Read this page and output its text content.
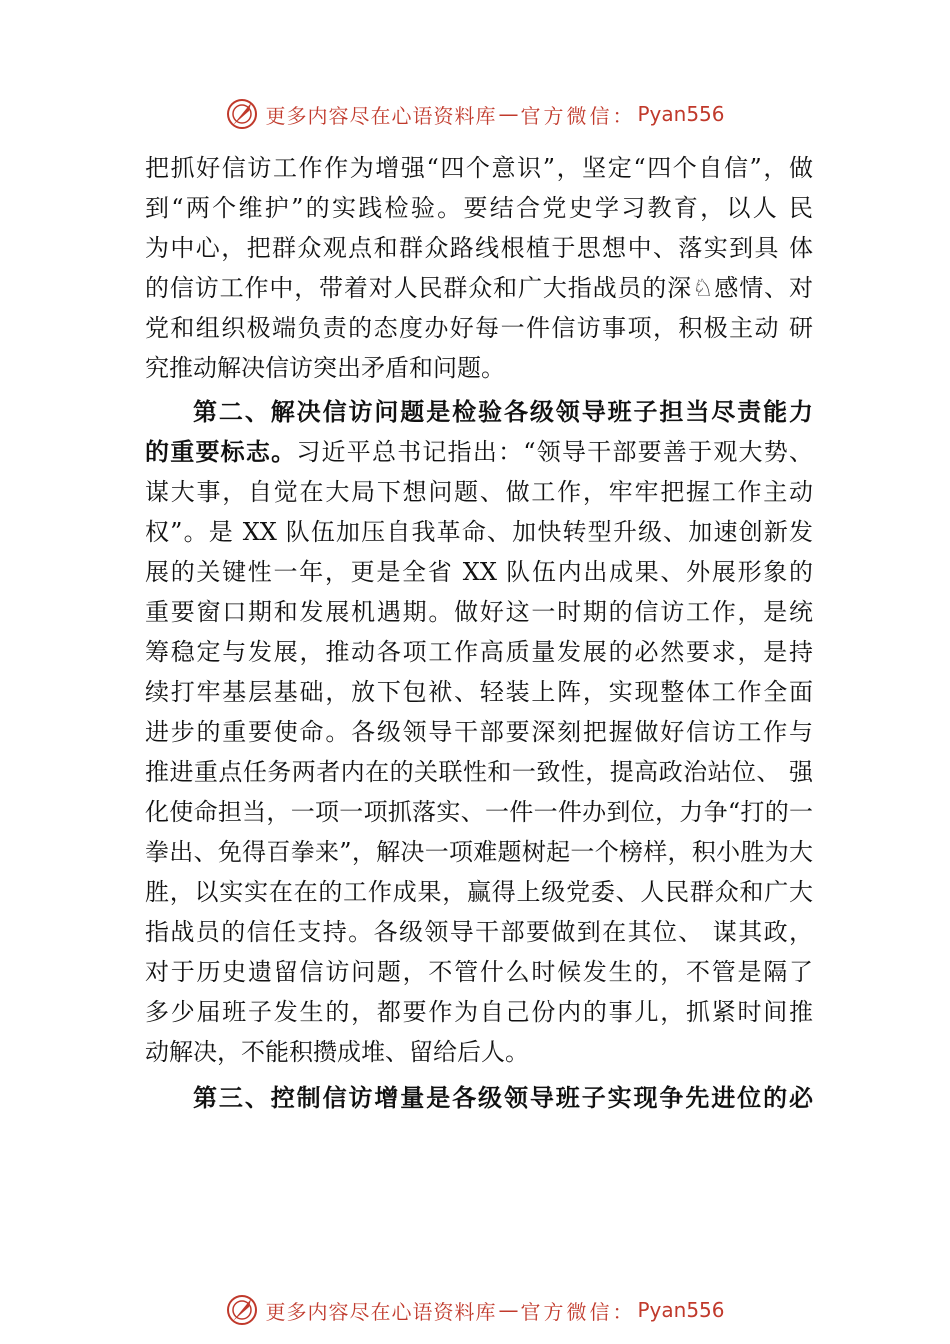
更多内容尽在心语资料库 — 官方微信： Pyan556
把抓好信访工作作为增强“四个意识”，坚定“四个自信”，做
到“两个维护”的实践检验。要结合党史学习教育，以人 民
为中心，把群众观点和群众路线根植于思想中、落实到具 体
的信访工作中，带着对人民群众和广大指战员的深♘感情、对
党和组织极端负责的态度办好每一件信访事项，积极主动 研
究推动解决信访突出矛盾和问题。
第二、解决信访问题是检验各级领导班子担当尽责能力
的重要标志。习近平总书记指出：“领导干部要善于观大势、
谋大事，自觉在大局下想问题、做工作，牢牢把握工作主动
权”。是 XX 队伍加压自我革命、加快转型升级、加速创新发
展的关键性一年，更是全省 XX 队伍内出成果、外展形象的
重要窗口期和发展机遇期。做好这一时期的信访工作，是统
筹稳定与发展，推动各项工作高质量发展的必然要求，是持
续打牢基层基础，放下包袱、轻装上阵，实现整体工作全面
进步的重要使命。各级领导干部要深刻把握做好信访工作与
推进重点任务两者内在的关联性和一致性，提高政治站位、 强
化使命担当，一项一项抓落实、一件一件办到位，力争“打的一
拳出、免得百拳来”，解决一项难题树起一个榜样，积小胜为大
胜，以实实在在的工作成果，赢得上级党委、人民群众和广大
指战员的信任支持。各级领导干部要做到在其位、 谋其政，
对于历史遗留信访问题，不管什么时候发生的，不管是隔了
多少届班子发生的，都要作为自己份内的事儿，抓紧时间推
动解决，不能积攒成堆、留给后人。
第三、控制信访增量是各级领导班子实现争先进位的必
更多内容尽在心语资料库 — 官方微信： Pyan556
